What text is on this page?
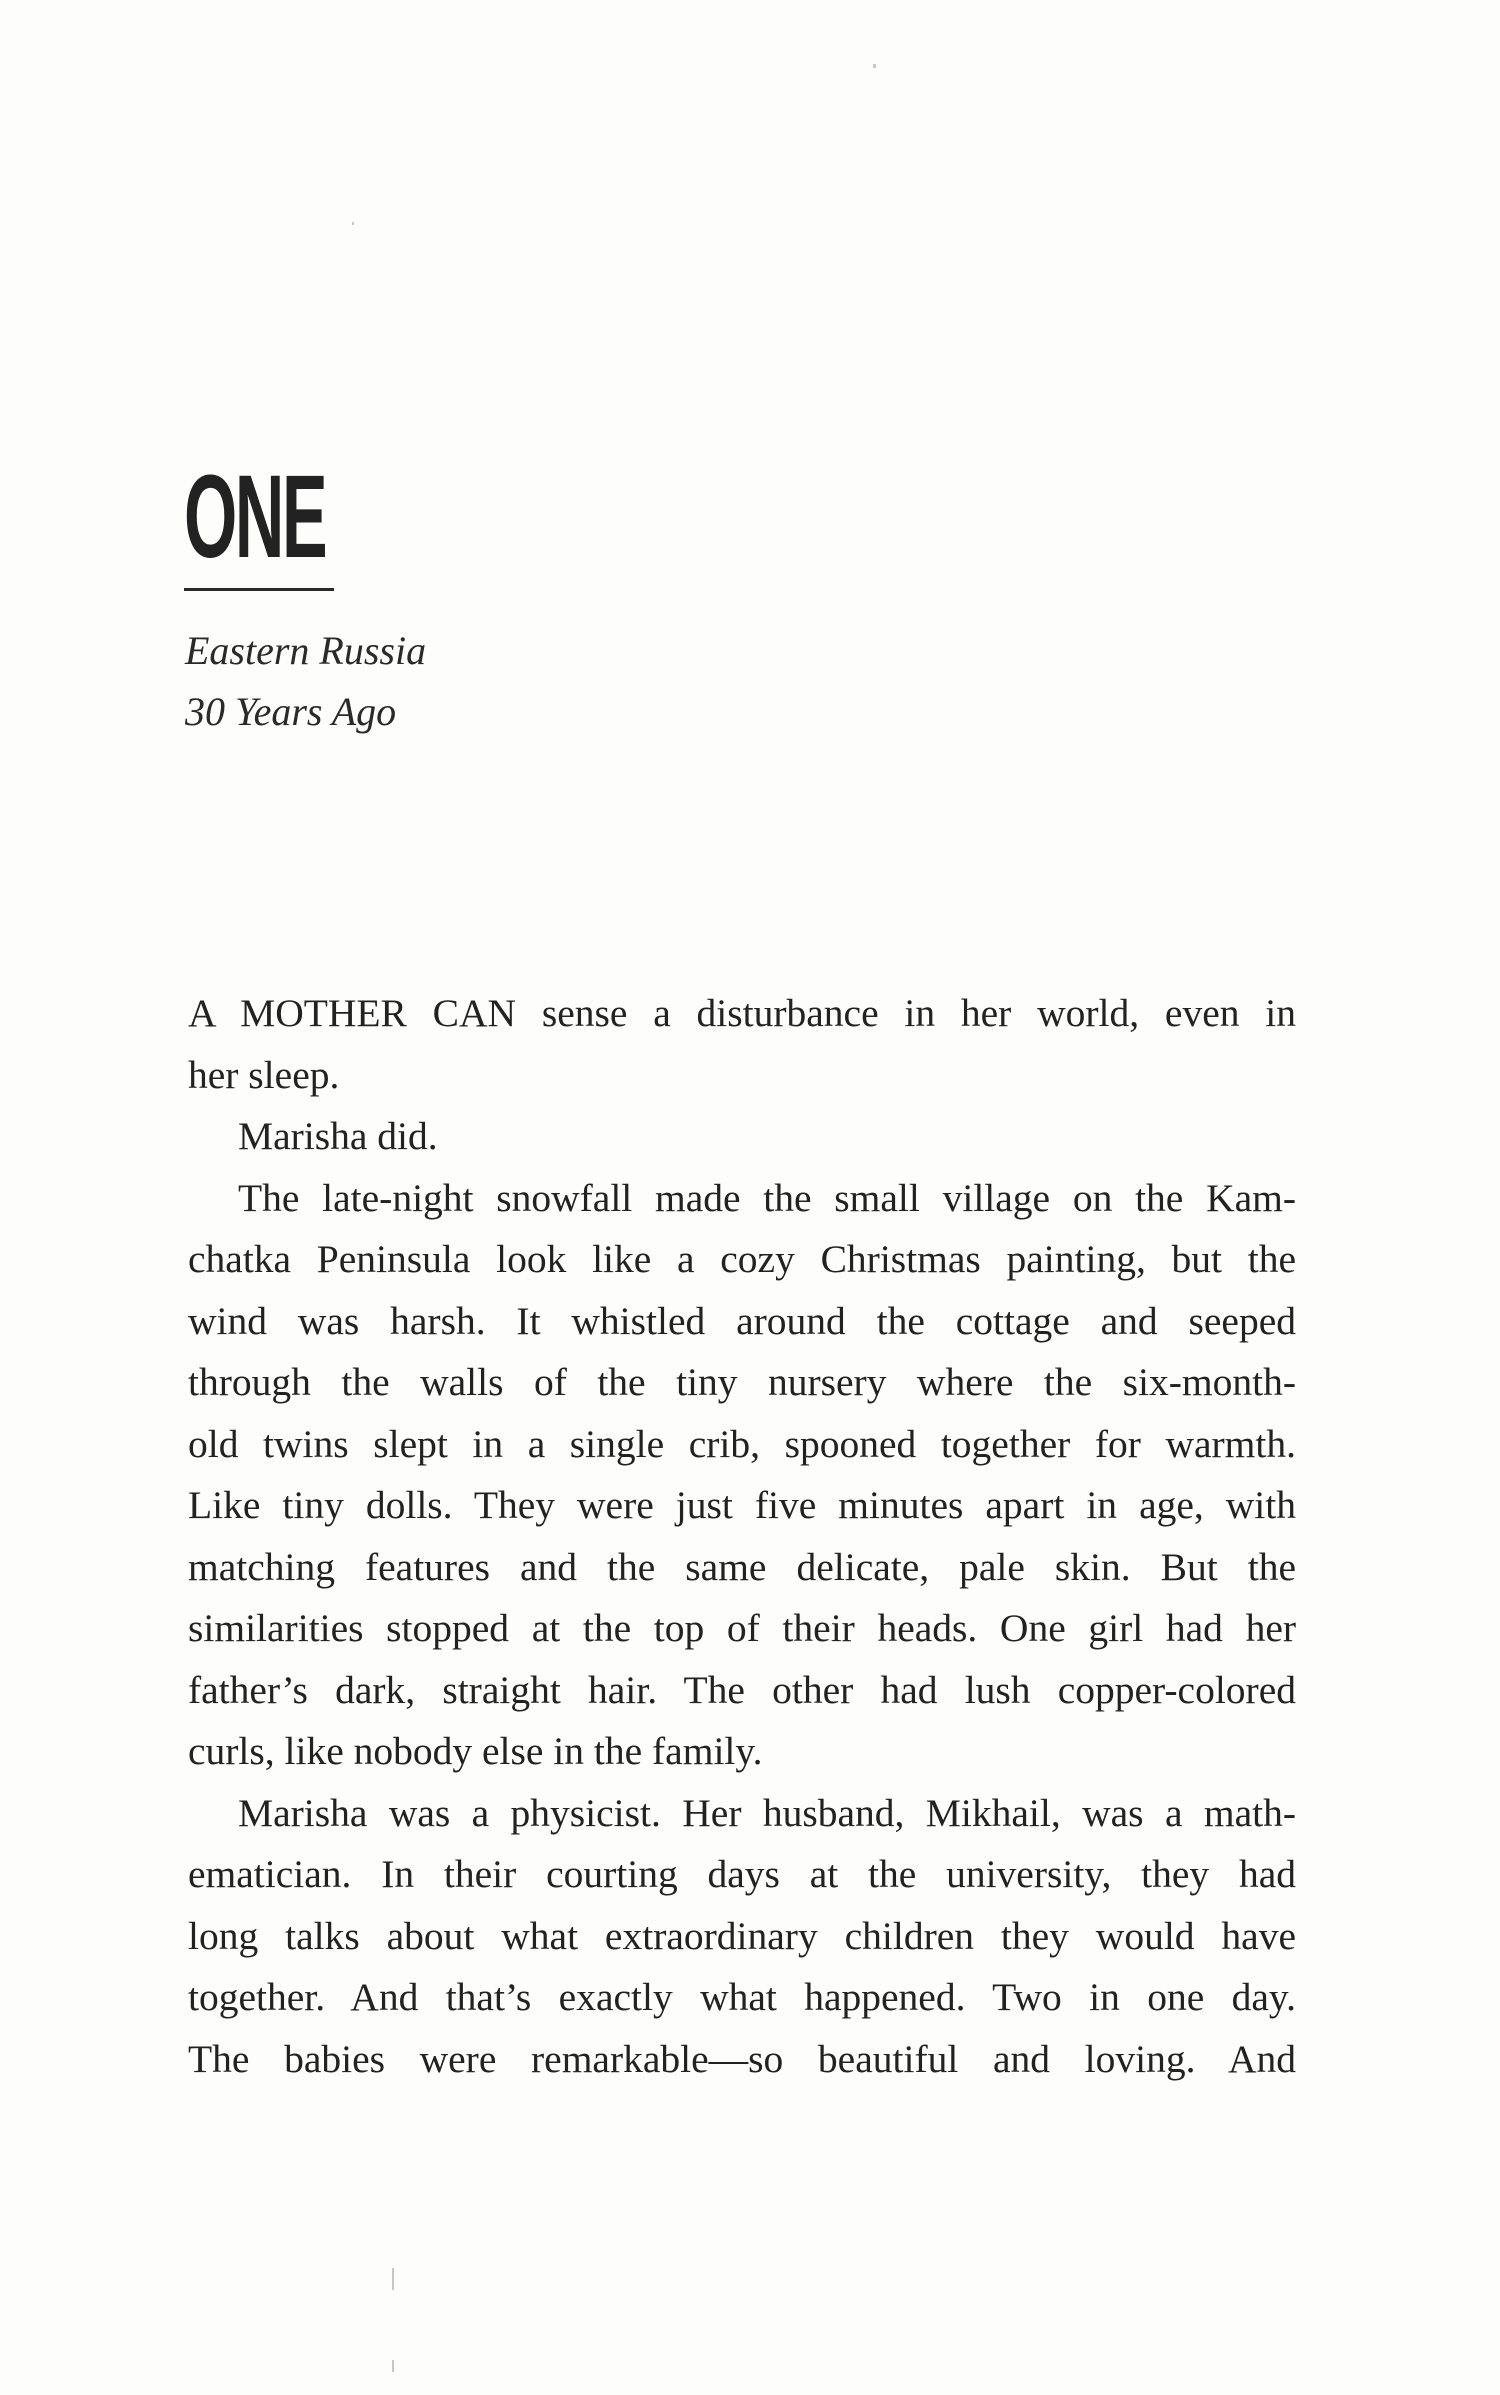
ONE
Eastern Russia
30 Years Ago
A MOTHER CAN sense a disturbance in her world, even in
her sleep.
Marisha did.
The late-night snowfall made the small village on the Kam-
chatka Peninsula look like a cozy Christmas painting, but the
wind was harsh. It whistled around the cottage and seeped
through the walls of the tiny nursery where the six-month-
old twins slept in a single crib, spooned together for warmth.
Like tiny dolls. They were just five minutes apart in age, with
matching features and the same delicate, pale skin. But the
similarities stopped at the top of their heads. One girl had her
father’s dark, straight hair. The other had lush copper-colored
curls, like nobody else in the family.
Marisha was a physicist. Her husband, Mikhail, was a math-
ematician. In their courting days at the university, they had
long talks about what extraordinary children they would have
together. And that’s exactly what happened. Two in one day.
The babies were remarkable—so beautiful and loving. And
